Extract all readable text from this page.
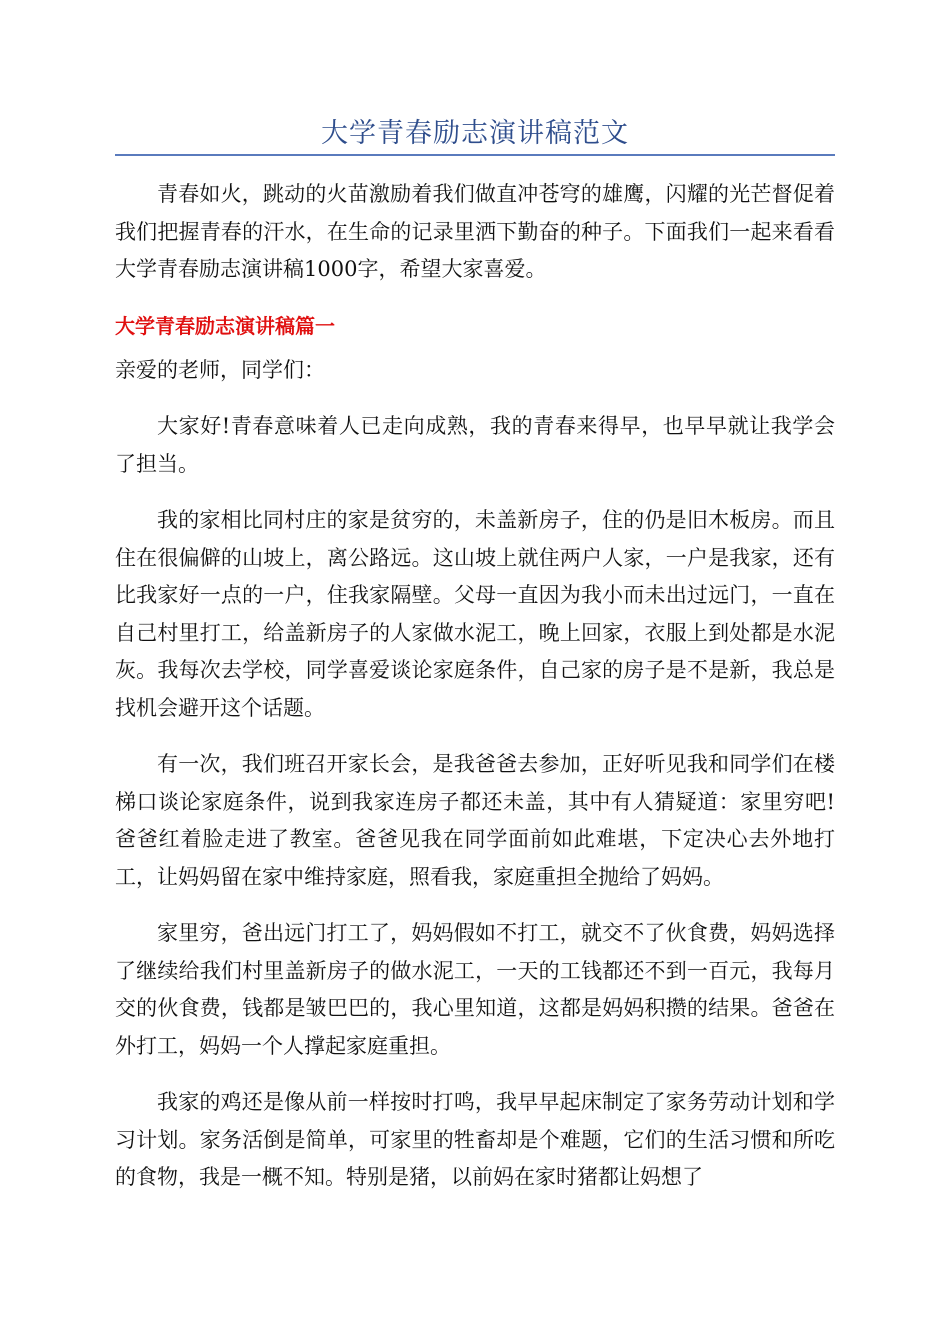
大学青春励志演讲稿范文

青春如火，跳动的火苗激励着我们做直冲苍穹的雄鹰，闪耀的光芒督促着我们把握青春的汗水，在生命的记录里洒下勤奋的种子。下面我们一起来看看大学青春励志演讲稿1000字，希望大家喜爱。

大学青春励志演讲稿篇一

亲爱的老师，同学们：

大家好!青春意味着人已走向成熟，我的青春来得早，也早早就让我学会了担当。

我的家相比同村庄的家是贫穷的，未盖新房子，住的仍是旧木板房。而且住在很偏僻的山坡上，离公路远。这山坡上就住两户人家，一户是我家，还有比我家好一点的一户，住我家隔壁。父母一直因为我小而未出过远门，一直在自己村里打工，给盖新房子的人家做水泥工，晚上回家，衣服上到处都是水泥灰。我每次去学校，同学喜爱谈论家庭条件，自己家的房子是不是新，我总是找机会避开这个话题。

有一次，我们班召开家长会，是我爸爸去参加，正好听见我和同学们在楼梯口谈论家庭条件，说到我家连房子都还未盖，其中有人猜疑道：家里穷吧!爸爸红着脸走进了教室。爸爸见我在同学面前如此难堪，下定决心去外地打工，让妈妈留在家中维持家庭，照看我，家庭重担全抛给了妈妈。

家里穷，爸出远门打工了，妈妈假如不打工，就交不了伙食费，妈妈选择了继续给我们村里盖新房子的做水泥工，一天的工钱都还不到一百元，我每月交的伙食费，钱都是皱巴巴的，我心里知道，这都是妈妈积攒的结果。爸爸在外打工，妈妈一个人撑起家庭重担。

我家的鸡还是像从前一样按时打鸣，我早早起床制定了家务劳动计划和学习计划。家务活倒是简单，可家里的牲畜却是个难题，它们的生活习惯和所吃的食物，我是一概不知。特别是猪，以前妈在家时猪都让妈想了
